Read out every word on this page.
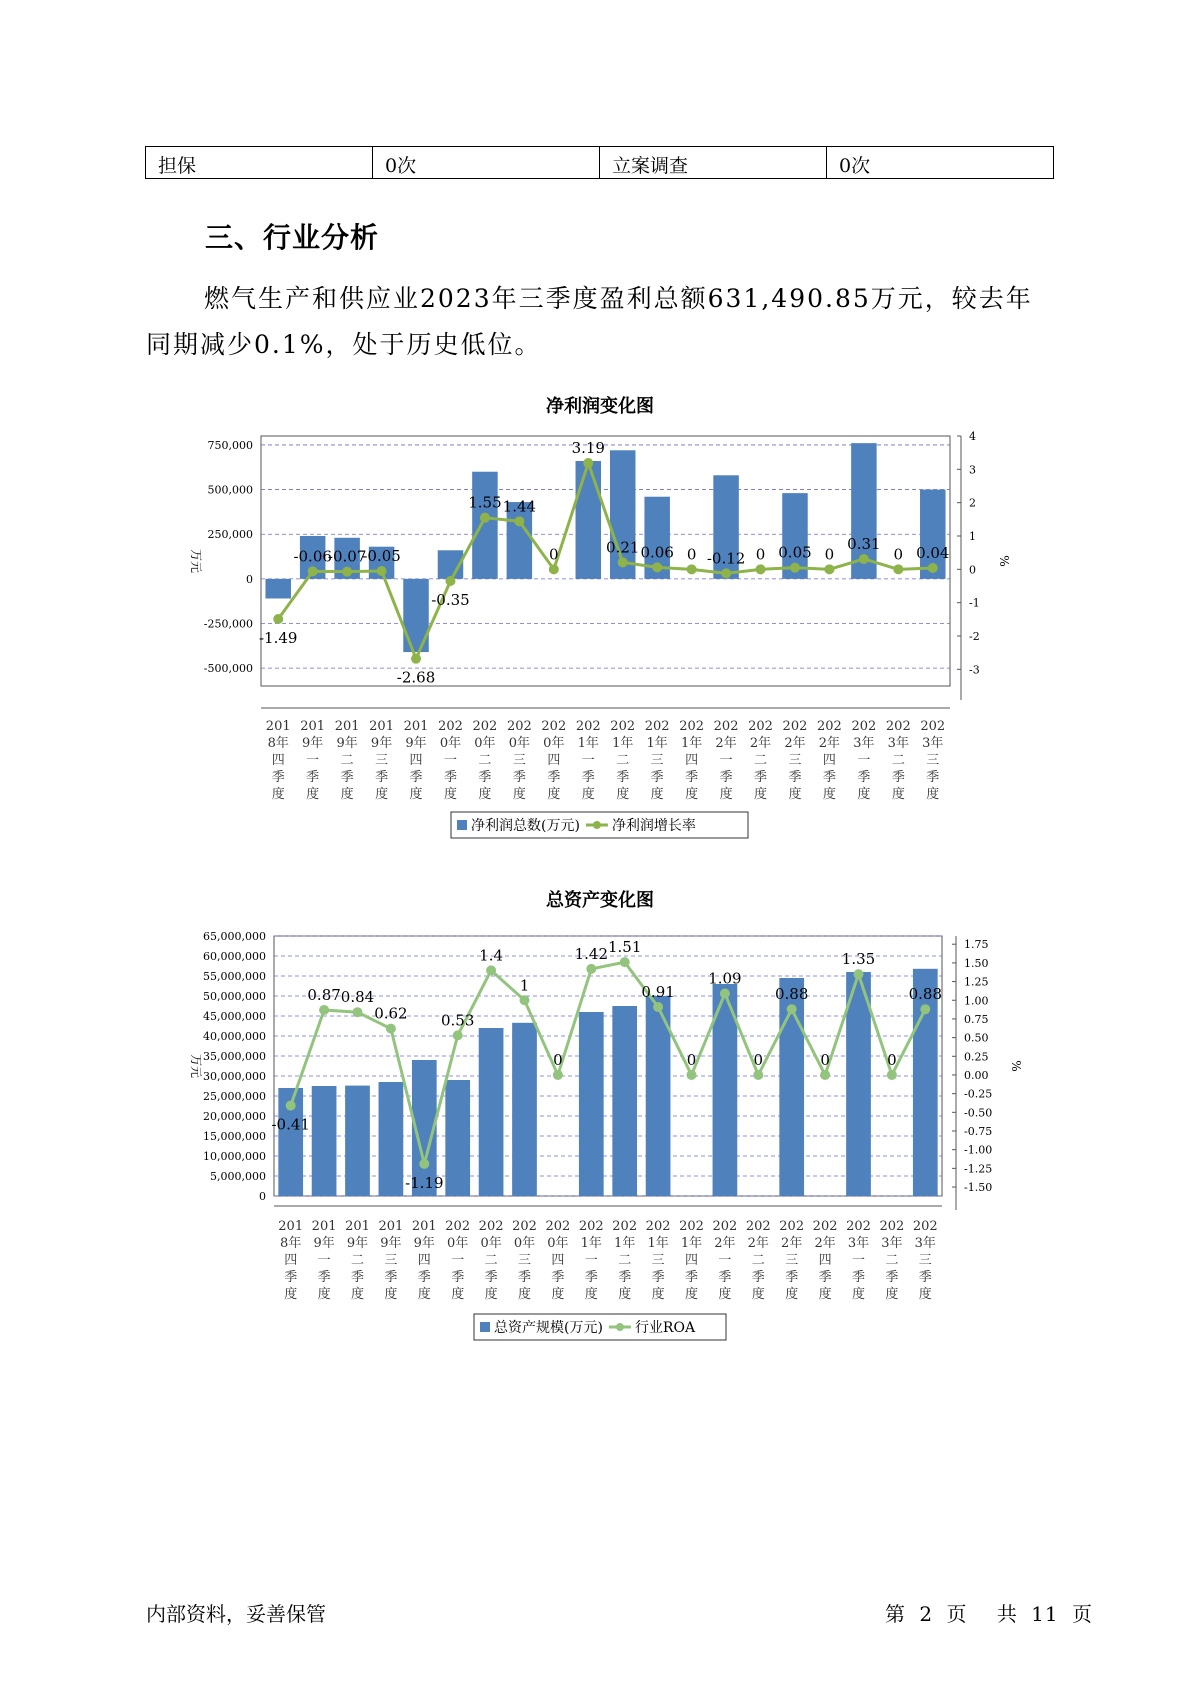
担保	0次	立案调查	0次
三、行业分析

燃气生产和供应业2023年三季度盈利总额631,490.85万元，较去年同期减少0.1%，处于历史低位。

净利润变化图
-500,000
-250,000
0
250,000
500,000
750,000
-3
-2
-1
0
1
2
3
4
万元	%
-1.49
-0.06
-0.07
-0.05
-2.68
-0.35
1.55 1.44
0
3.19
0.21 0.06 0 -0.12 0 0.05 0
0.31
0 0.04
201
8年
四
季
度
201
9年
一
季
度
201
9年
二
季
度
201
9年
三
季
度
201
9年
四
季
度
202
0年
一
季
度
202
0年
二
季
度
202
0年
三
季
度
202
0年
四
季
度
202
1年
一
季
度
202
1年
二
季
度
202
1年
三
季
度
202
1年
四
季
度
202
2年
一
季
度
202
2年
二
季
度
202
2年
三
季
度
202
2年
四
季
度
202
3年
一
季
度
202
3年
二
季
度
202
3年
三
季
度
净利润总数(万元) 净利润增长率
总资产变化图
0
5,000,000
10,000,000
15,000,000
20,000,000
25,000,000
30,000,000
35,000,000
40,000,000
45,000,000
50,000,000
55,000,000
60,000,000
65,000,000
-1.50
-1.25
-1.00
-0.75
-0.50
-0.25
0.00
0.25
0.50
0.75
1.00
1.25
1.50
1.75
万元	%
-0.41
0.87 0.84
0.62
-1.19
0.53
1.4
1
0
1.42 1.51
0.91
0
1.09
0
0.88
0
1.35
0
0.88
201
8年
四
季
度
201
9年
一
季
度
201
9年
二
季
度
201
9年
三
季
度
201
9年
四
季
度
202
0年
一
季
度
202
0年
二
季
度
202
0年
三
季
度
202
0年
四
季
度
202
1年
一
季
度
202
1年
二
季
度
202
1年
三
季
度
202
1年
四
季
度
202
2年
一
季
度
202
2年
二
季
度
202
2年
三
季
度
202
2年
四
季
度
202
3年
一
季
度
202
3年
二
季
度
202
3年
三
季
度
总资产规模(万元) 行业ROA
内部资料，妥善保管	第 2 页 共 11 页
